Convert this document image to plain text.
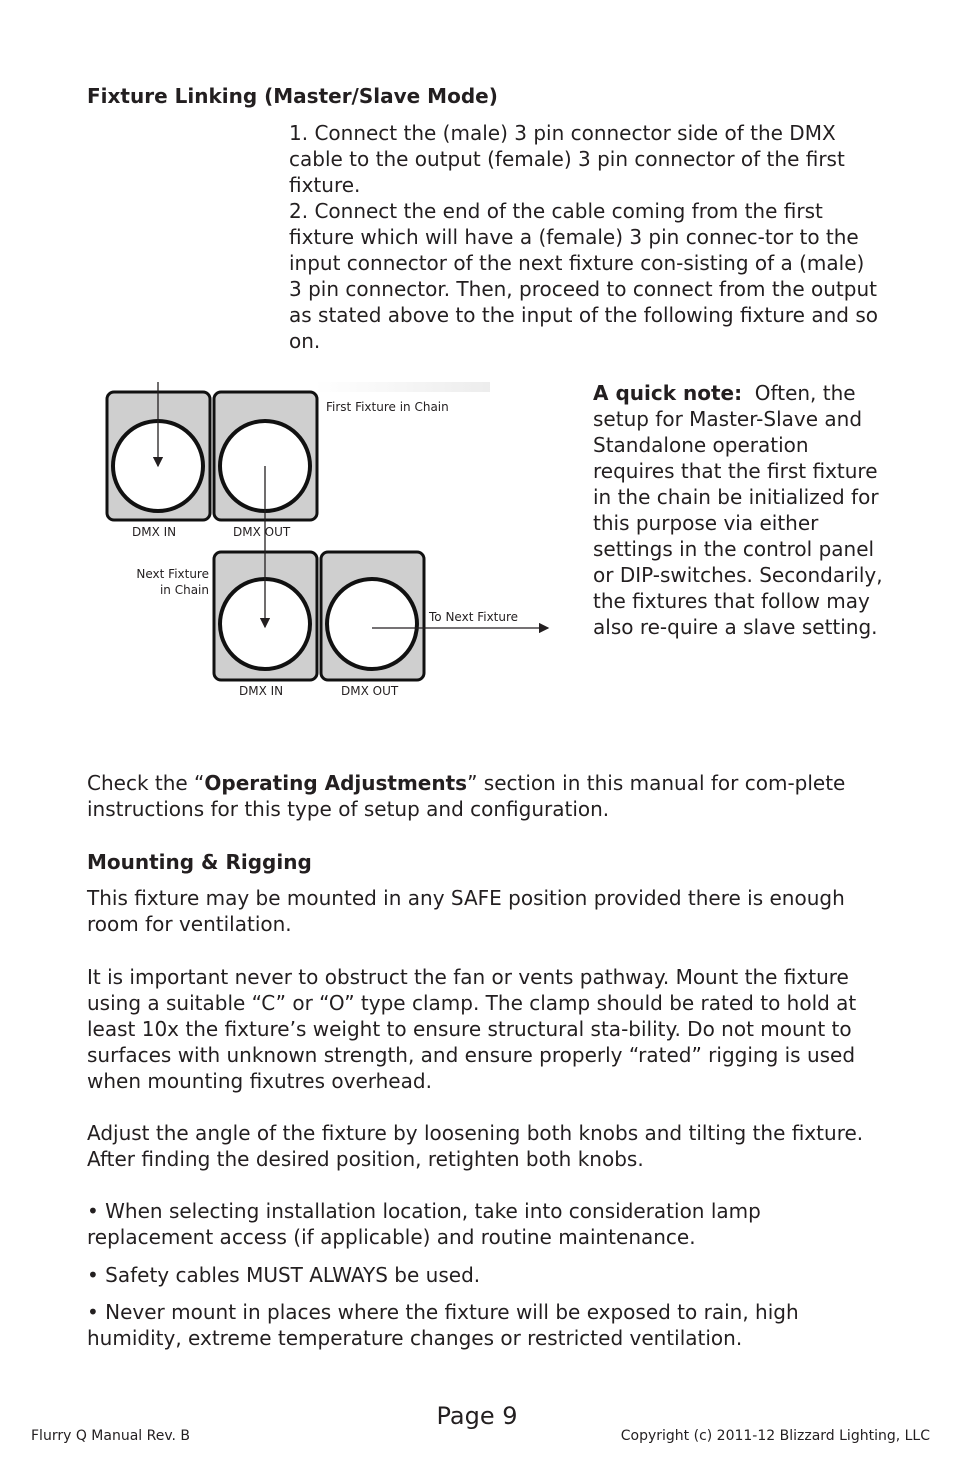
Fixture Linking (Master/Slave Mode)
1. Connect the (male) 3 pin connector side of the DMX cable to the output (female) 3 pin connector of the first fixture.
2. Connect the end of the cable coming from the first fixture which will have a (female) 3 pin connec-tor to the input connector of the next fixture con-sisting of a (male) 3 pin connector. Then, proceed to connect from the output as stated above to the input of the following fixture and so on.
First Fixture in Chain
DMX IN	DMX OUT
Next Fixture
in Chain
To Next Fixture
DMX IN	DMX OUT
A quick note: Often, the setup for Master-Slave and Standalone operation requires that the first fixture in the chain be initialized for this purpose via either settings in the control panel or DIP-switches. Secondarily, the fixtures that follow may also re-quire a slave setting.
Check the “Operating Adjustments” section in this manual for com-plete instructions for this type of setup and configuration.
Mounting & Rigging
This fixture may be mounted in any SAFE position provided there is enough room for ventilation.
It is important never to obstruct the fan or vents pathway. Mount the fixture using a suitable “C” or “O” type clamp. The clamp should be rated to hold at least 10x the fixture’s weight to ensure structural sta-bility. Do not mount to surfaces with unknown strength, and ensure properly “rated” rigging is used when mounting fixutres overhead.
Adjust the angle of the fixture by loosening both knobs and tilting the fixture. After finding the desired position, retighten both knobs.
• When selecting installation location, take into consideration lamp replacement access (if applicable) and routine maintenance.
• Safety cables MUST ALWAYS be used.
• Never mount in places where the fixture will be exposed to rain, high humidity, extreme temperature changes or restricted ventilation.
Page 9
Flurry Q Manual Rev. B	Copyright (c) 2011-12 Blizzard Lighting, LLC
